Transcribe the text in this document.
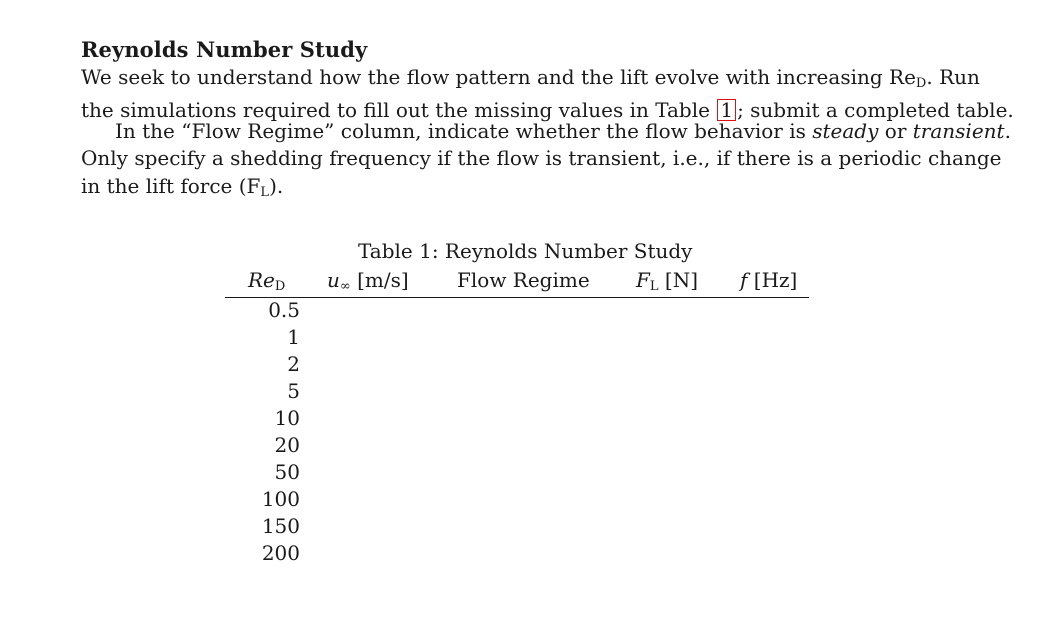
Reynolds Number Study
We seek to understand how the flow pattern and the lift evolve with increasing $Re_D$. Run
the simulations required to fill out the missing values in Table 1 ; submit a completed table.
In the “Flow Regime” column, indicate whether the flow behavior is steady or transient.
Only specify a shedding frequency if the flow is transient, i.e., if there is a periodic change
in the lift force $(F_L)$.
Table 1: Reynolds Number Study
$Re_D$ $u_\infty$ [m/s] Flow Regime $F_L$ [N] f [Hz]
0.5
1
2
5
10
20
50
100
150
200
